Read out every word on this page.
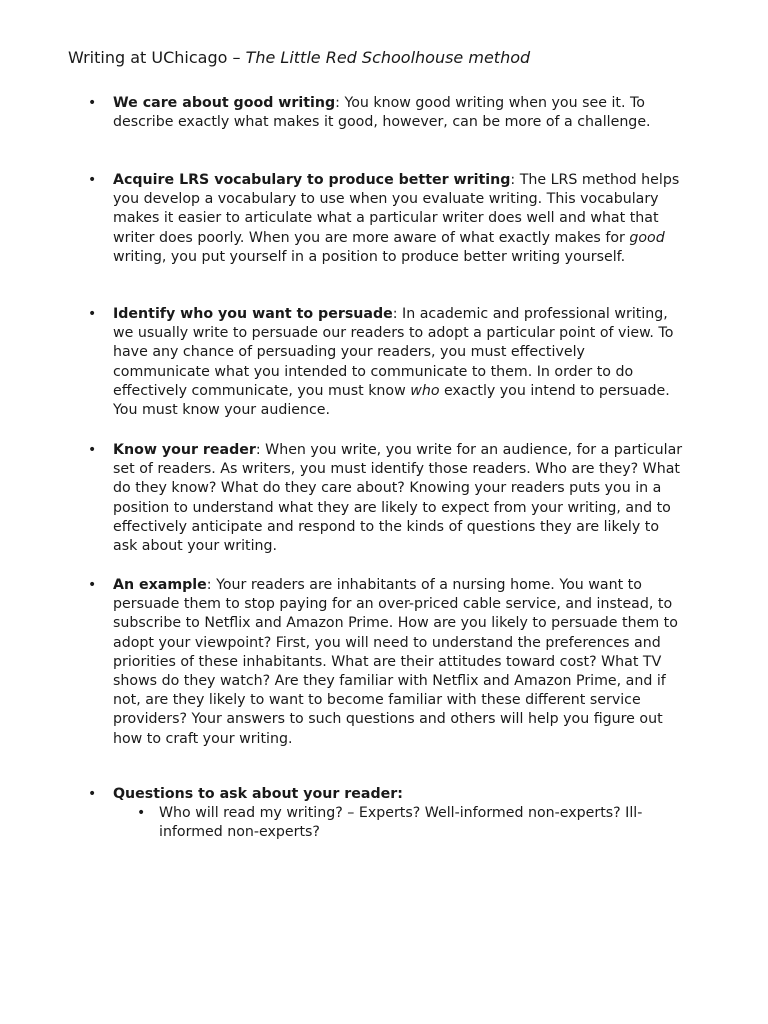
Writing at UChicago – The Little Red Schoolhouse method
• We care about good writing: You know good writing when you see it. To describe exactly what makes it good, however, can be more of a challenge.
• Acquire LRS vocabulary to produce better writing: The LRS method helps you develop a vocabulary to use when you evaluate writing. This vocabulary makes it easier to articulate what a particular writer does well and what that writer does poorly. When you are more aware of what exactly makes for good writing, you put yourself in a position to produce better writing yourself.
• Identify who you want to persuade: In academic and professional writing, we usually write to persuade our readers to adopt a particular point of view. To have any chance of persuading your readers, you must effectively communicate what you intended to communicate to them. In order to do effectively communicate, you must know who exactly you intend to persuade. You must know your audience.
• Know your reader: When you write, you write for an audience, for a particular set of readers. As writers, you must identify those readers. Who are they? What do they know? What do they care about? Knowing your readers puts you in a position to understand what they are likely to expect from your writing, and to effectively anticipate and respond to the kinds of questions they are likely to ask about your writing.
• An example: Your readers are inhabitants of a nursing home. You want to persuade them to stop paying for an over-priced cable service, and instead, to subscribe to Netflix and Amazon Prime. How are you likely to persuade them to adopt your viewpoint? First, you will need to understand the preferences and priorities of these inhabitants. What are their attitudes toward cost? What TV shows do they watch? Are they familiar with Netflix and Amazon Prime, and if not, are they likely to want to become familiar with these different service providers? Your answers to such questions and others will help you figure out how to craft your writing.
• Questions to ask about your reader:
• Who will read my writing? – Experts? Well-informed non-experts? Ill-informed non-experts?
